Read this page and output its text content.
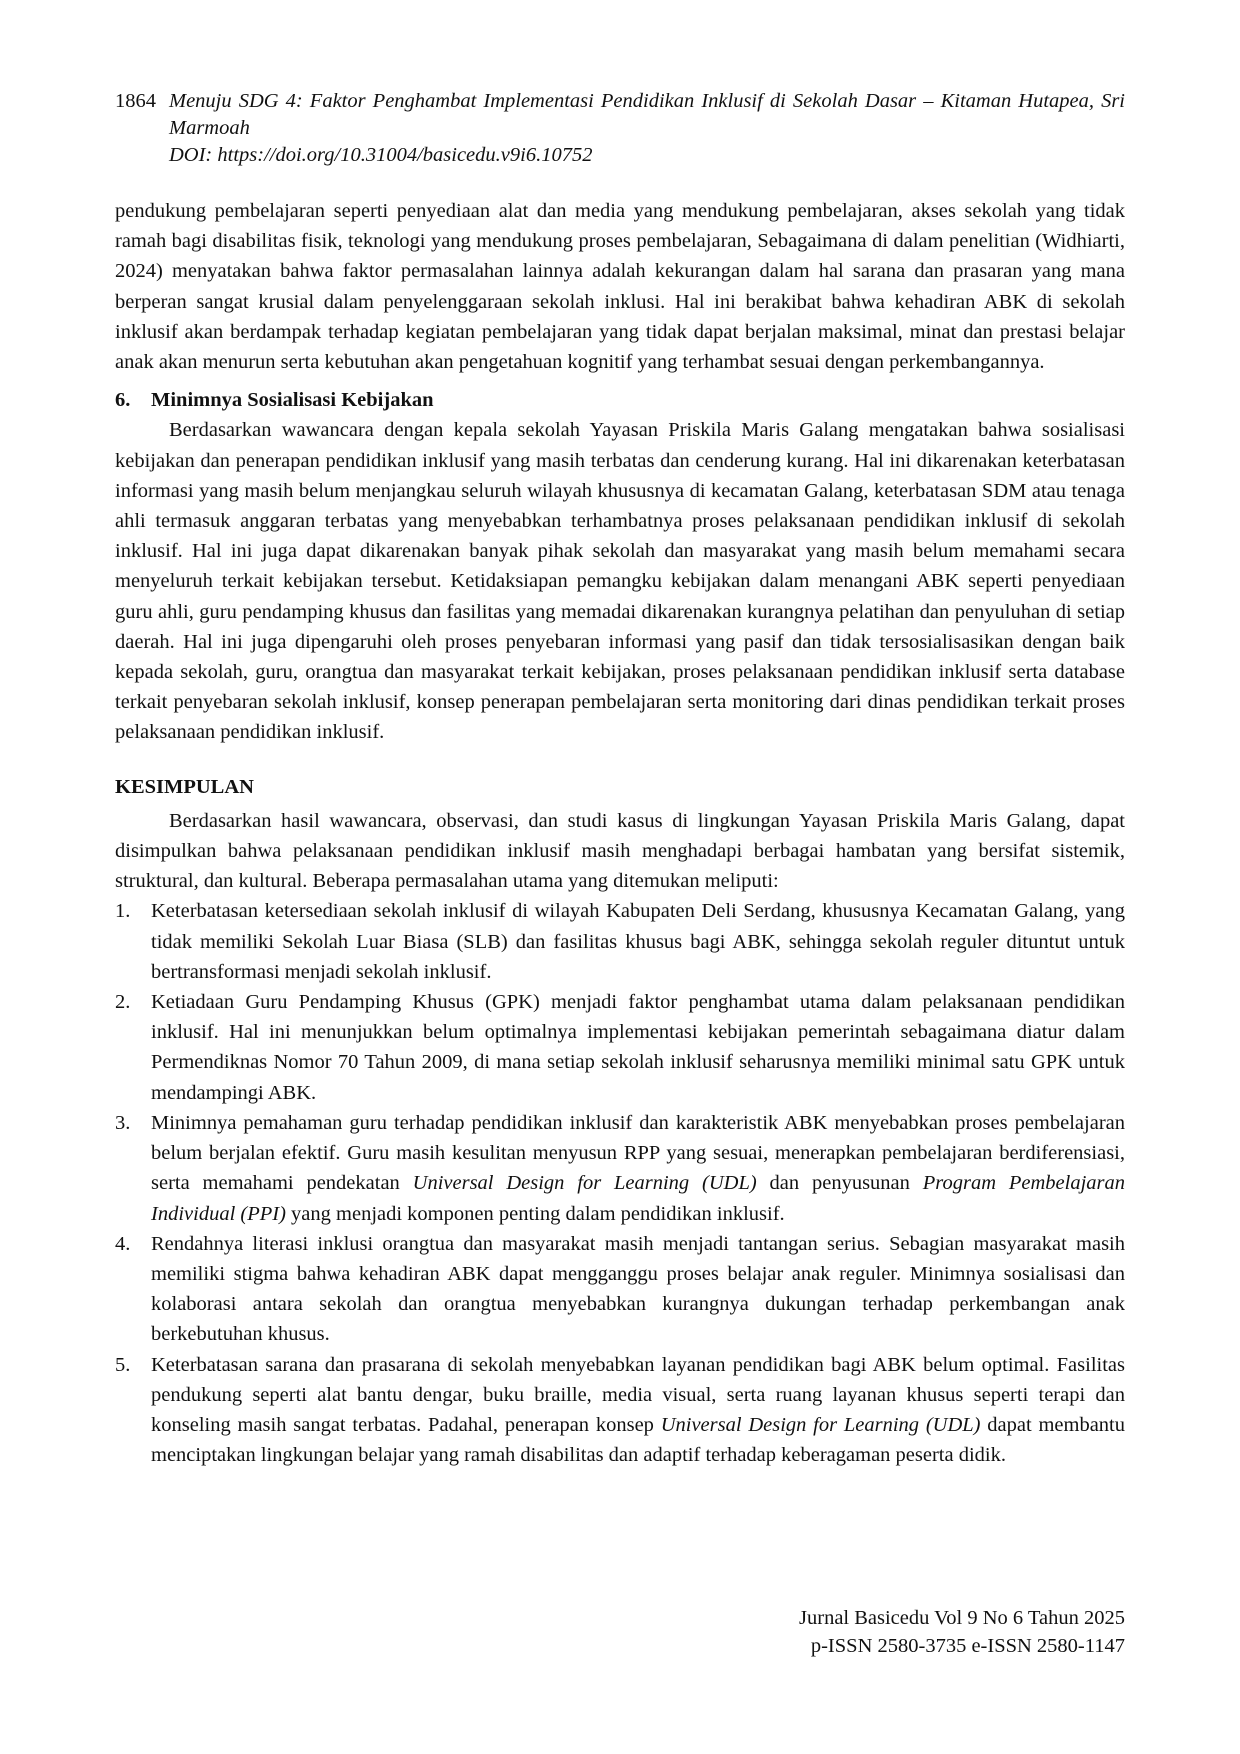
1864 Menuju SDG 4: Faktor Penghambat Implementasi Pendidikan Inklusif di Sekolah Dasar – Kitaman Hutapea, Sri Marmoah
DOI: https://doi.org/10.31004/basicedu.v9i6.10752

pendukung pembelajaran seperti penyediaan alat dan media yang mendukung pembelajaran, akses sekolah yang tidak ramah bagi disabilitas fisik, teknologi yang mendukung proses pembelajaran, Sebagaimana di dalam penelitian (Widhiarti, 2024) menyatakan bahwa faktor permasalahan lainnya adalah kekurangan dalam hal sarana dan prasaran yang mana berperan sangat krusial dalam penyelenggaraan sekolah inklusi. Hal ini berakibat bahwa kehadiran ABK di sekolah inklusif akan berdampak terhadap kegiatan pembelajaran yang tidak dapat berjalan maksimal, minat dan prestasi belajar anak akan menurun serta kebutuhan akan pengetahuan kognitif yang terhambat sesuai dengan perkembangannya.

6. Minimnya Sosialisasi Kebijakan

Berdasarkan wawancara dengan kepala sekolah Yayasan Priskila Maris Galang mengatakan bahwa sosialisasi kebijakan dan penerapan pendidikan inklusif yang masih terbatas dan cenderung kurang. Hal ini dikarenakan keterbatasan informasi yang masih belum menjangkau seluruh wilayah khususnya di kecamatan Galang, keterbatasan SDM atau tenaga ahli termasuk anggaran terbatas yang menyebabkan terhambatnya proses pelaksanaan pendidikan inklusif di sekolah inklusif. Hal ini juga dapat dikarenakan banyak pihak sekolah dan masyarakat yang masih belum memahami secara menyeluruh terkait kebijakan tersebut. Ketidaksiapan pemangku kebijakan dalam menangani ABK seperti penyediaan guru ahli, guru pendamping khusus dan fasilitas yang memadai dikarenakan kurangnya pelatihan dan penyuluhan di setiap daerah. Hal ini juga dipengaruhi oleh proses penyebaran informasi yang pasif dan tidak tersosialisasikan dengan baik kepada sekolah, guru, orangtua dan masyarakat terkait kebijakan, proses pelaksanaan pendidikan inklusif serta database terkait penyebaran sekolah inklusif, konsep penerapan pembelajaran serta monitoring dari dinas pendidikan terkait proses pelaksanaan pendidikan inklusif.

KESIMPULAN

Berdasarkan hasil wawancara, observasi, dan studi kasus di lingkungan Yayasan Priskila Maris Galang, dapat disimpulkan bahwa pelaksanaan pendidikan inklusif masih menghadapi berbagai hambatan yang bersifat sistemik, struktural, dan kultural. Beberapa permasalahan utama yang ditemukan meliputi:

1. Keterbatasan ketersediaan sekolah inklusif di wilayah Kabupaten Deli Serdang, khususnya Kecamatan Galang, yang tidak memiliki Sekolah Luar Biasa (SLB) dan fasilitas khusus bagi ABK, sehingga sekolah reguler dituntut untuk bertransformasi menjadi sekolah inklusif.
2. Ketiadaan Guru Pendamping Khusus (GPK) menjadi faktor penghambat utama dalam pelaksanaan pendidikan inklusif. Hal ini menunjukkan belum optimalnya implementasi kebijakan pemerintah sebagaimana diatur dalam Permendiknas Nomor 70 Tahun 2009, di mana setiap sekolah inklusif seharusnya memiliki minimal satu GPK untuk mendampingi ABK.
3. Minimnya pemahaman guru terhadap pendidikan inklusif dan karakteristik ABK menyebabkan proses pembelajaran belum berjalan efektif. Guru masih kesulitan menyusun RPP yang sesuai, menerapkan pembelajaran berdiferensiasi, serta memahami pendekatan Universal Design for Learning (UDL) dan penyusunan Program Pembelajaran Individual (PPI) yang menjadi komponen penting dalam pendidikan inklusif.
4. Rendahnya literasi inklusi orangtua dan masyarakat masih menjadi tantangan serius. Sebagian masyarakat masih memiliki stigma bahwa kehadiran ABK dapat mengganggu proses belajar anak reguler. Minimnya sosialisasi dan kolaborasi antara sekolah dan orangtua menyebabkan kurangnya dukungan terhadap perkembangan anak berkebutuhan khusus.
5. Keterbatasan sarana dan prasarana di sekolah menyebabkan layanan pendidikan bagi ABK belum optimal. Fasilitas pendukung seperti alat bantu dengar, buku braille, media visual, serta ruang layanan khusus seperti terapi dan konseling masih sangat terbatas. Padahal, penerapan konsep Universal Design for Learning (UDL) dapat membantu menciptakan lingkungan belajar yang ramah disabilitas dan adaptif terhadap keberagaman peserta didik.
Jurnal Basicedu Vol 9 No 6 Tahun 2025
p-ISSN 2580-3735 e-ISSN 2580-1147
